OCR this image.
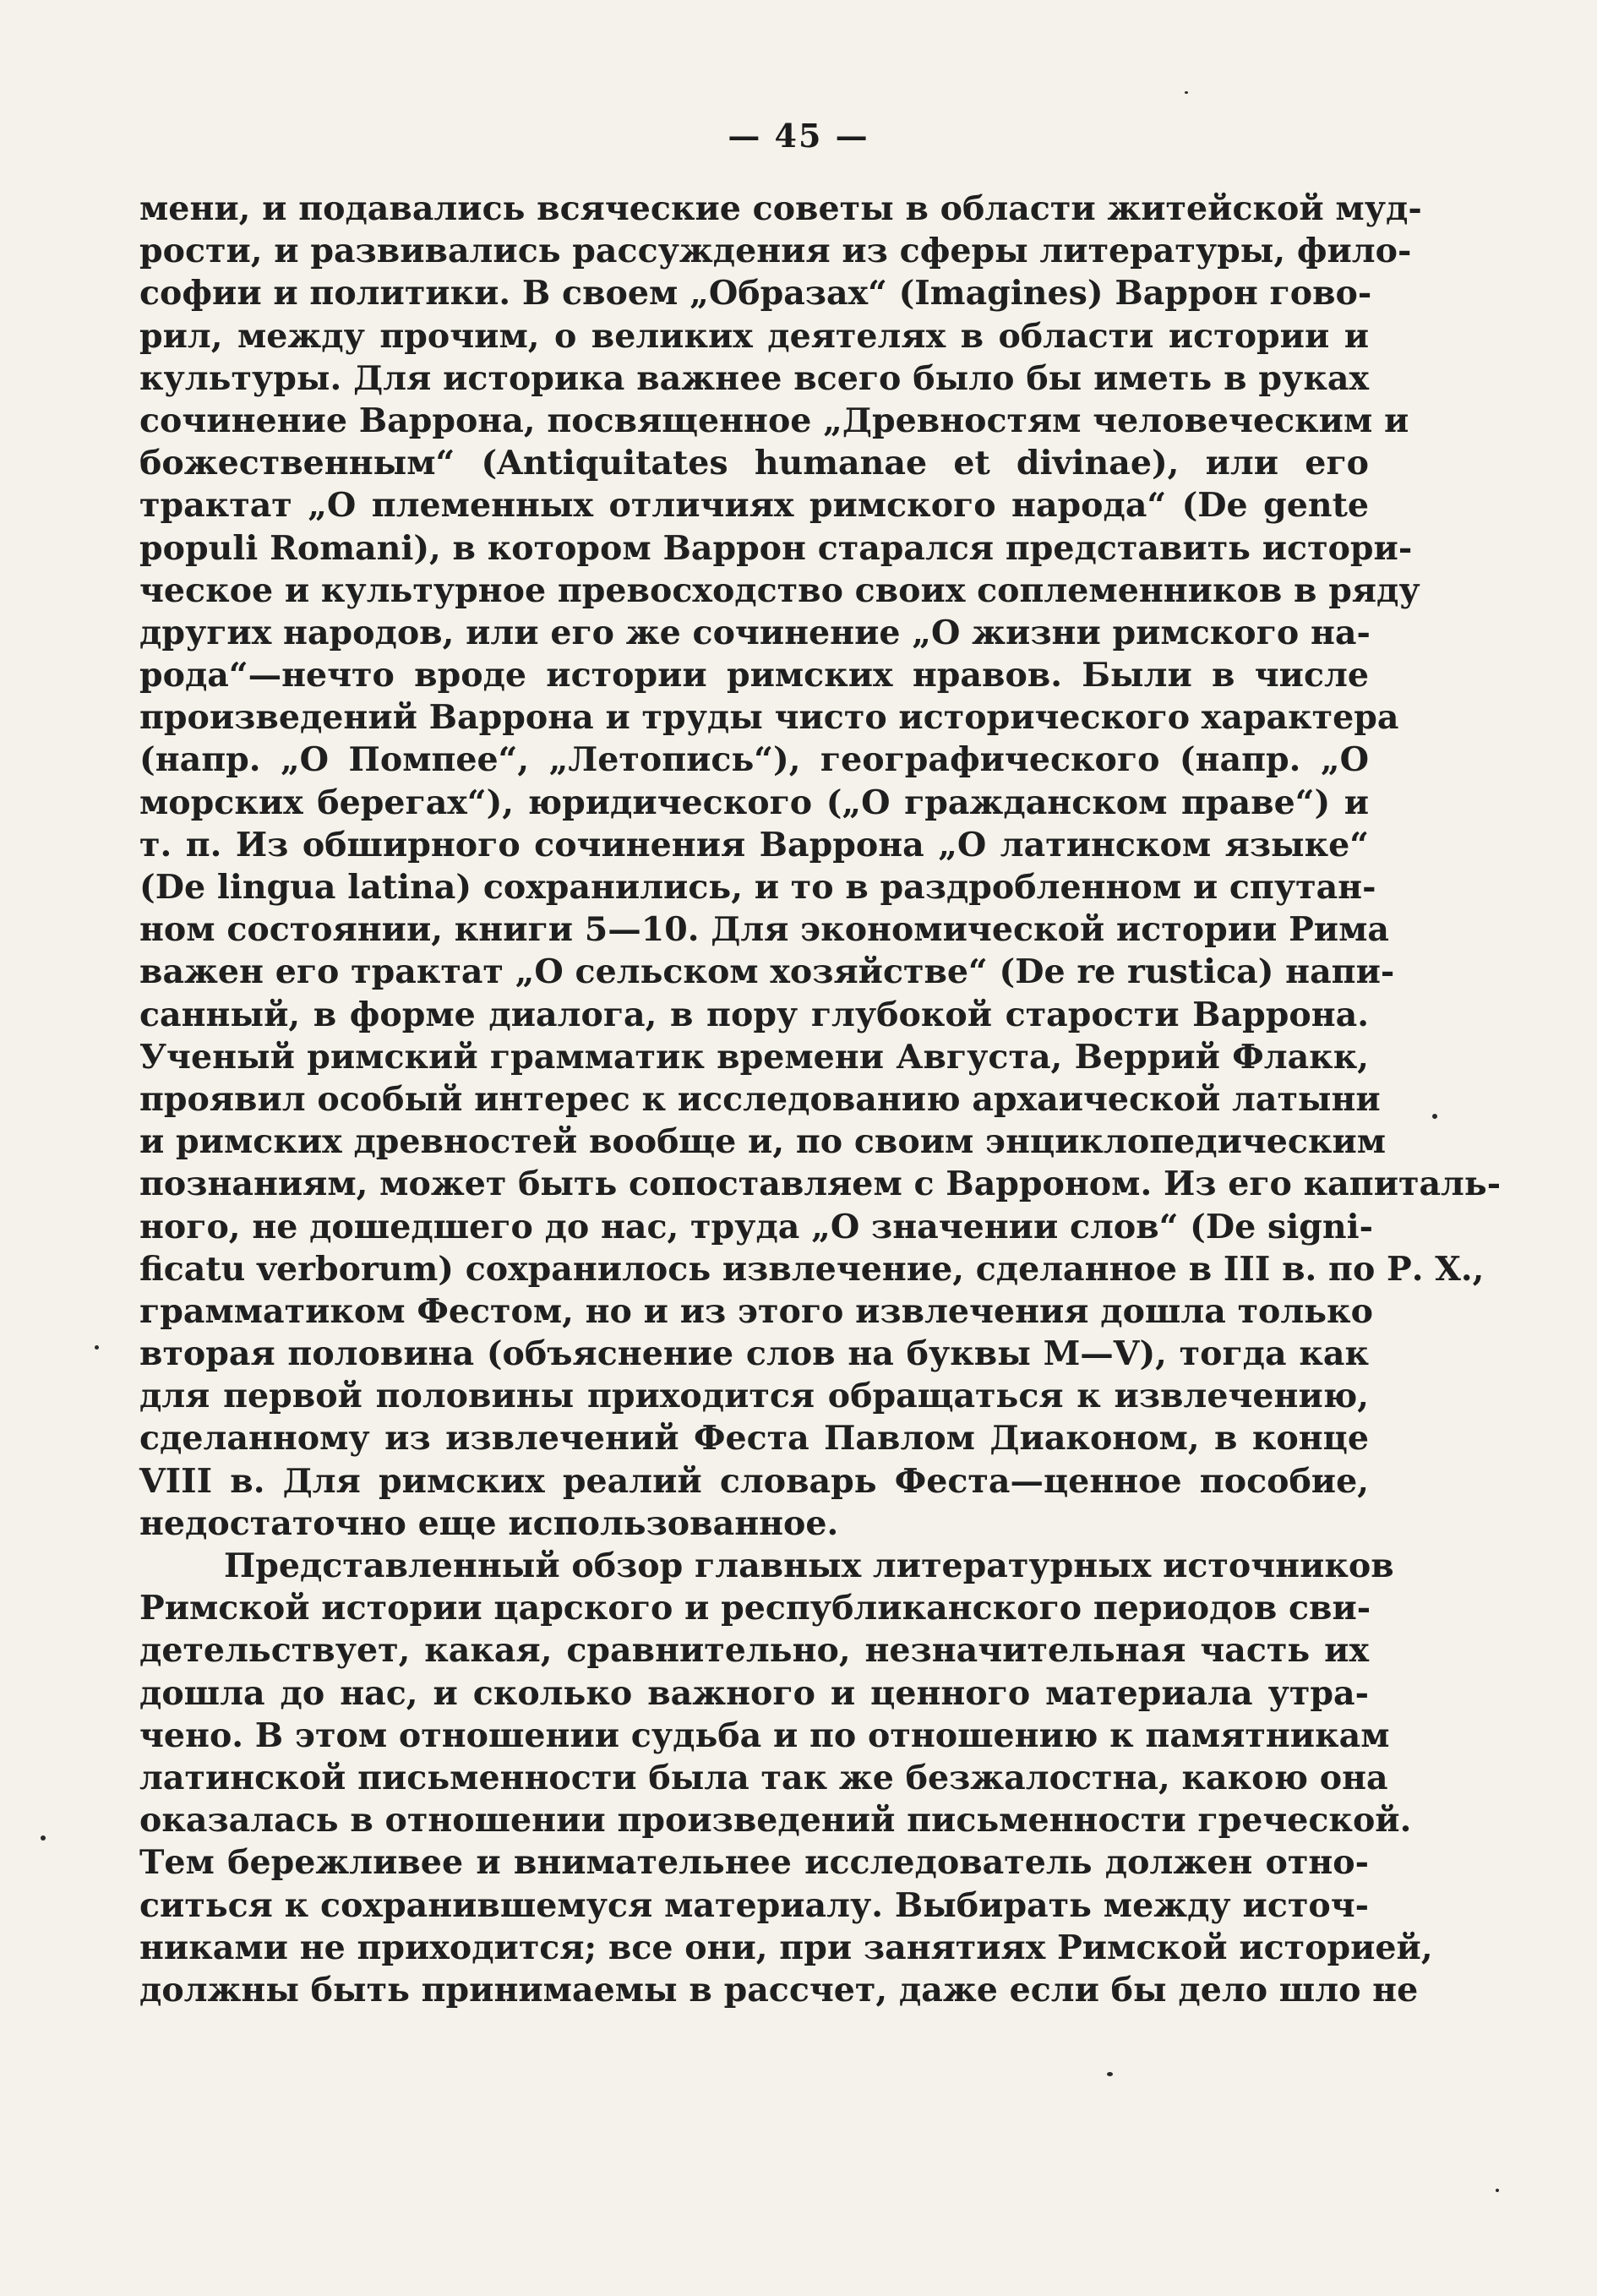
— 45 —
мени, и подавались всяческие советы в области житейской муд-
рости, и развивались рассуждения из сферы литературы, фило-
софии и политики. В своем „Образах“ (Imagines) Варрон гово-
рил, между прочим, о великих деятелях в области истории и
культуры. Для историка важнее всего было бы иметь в руках
сочинение Варрона, посвященное „Древностям человеческим и
божественным“ (Antiquitates humanae et divinae), или его
трактат „О племенных отличиях римского народа“ (De gente
populi Romani), в котором Варрон старался представить истори-
ческое и культурное превосходство своих соплеменников в ряду
других народов, или его же сочинение „О жизни римского на-
рода“—нечто вроде истории римских нравов. Были в числе
произведений Варрона и труды чисто исторического характера
(напр. „О Помпее“, „Летопись“), географического (напр. „О
морских берегах“), юридического („О гражданском праве“) и
т. п. Из обширного сочинения Варрона „О латинском языке“
(De lingua latina) сохранились, и то в раздробленном и спутан-
ном состоянии, книги 5—10. Для экономической истории Рима
важен его трактат „О сельском хозяйстве“ (De re rustica) напи-
санный, в форме диалога, в пору глубокой старости Варрона.
Ученый римский грамматик времени Августа, Веррий Флакк,
проявил особый интерес к исследованию архаической латыни
и римских древностей вообще и, по своим энциклопедическим
познаниям, может быть сопоставляем с Варроном. Из его капиталь-
ного, не дошедшего до нас, труда „О значении слов“ (De signi-
ficatu verborum) сохранилось извлечение, сделанное в III в. по Р. Х.,
грамматиком Фестом, но и из этого извлечения дошла только
вторая половина (объяснение слов на буквы M—V), тогда как
для первой половины приходится обращаться к извлечению,
сделанному из извлечений Феста Павлом Диаконом, в конце
VIII в. Для римских реалий словарь Феста—ценное пособие,
недостаточно еще использованное.
Представленный обзор главных литературных источников
Римской истории царского и республиканского периодов сви-
детельствует, какая, сравнительно, незначительная часть их
дошла до нас, и сколько важного и ценного материала утра-
чено. В этом отношении судьба и по отношению к памятникам
латинской письменности была так же безжалостна, какою она
оказалась в отношении произведений письменности греческой.
Тем бережливее и внимательнее исследователь должен отно-
ситься к сохранившемуся материалу. Выбирать между источ-
никами не приходится; все они, при занятиях Римской историей,
должны быть принимаемы в рассчет, даже если бы дело шло не
